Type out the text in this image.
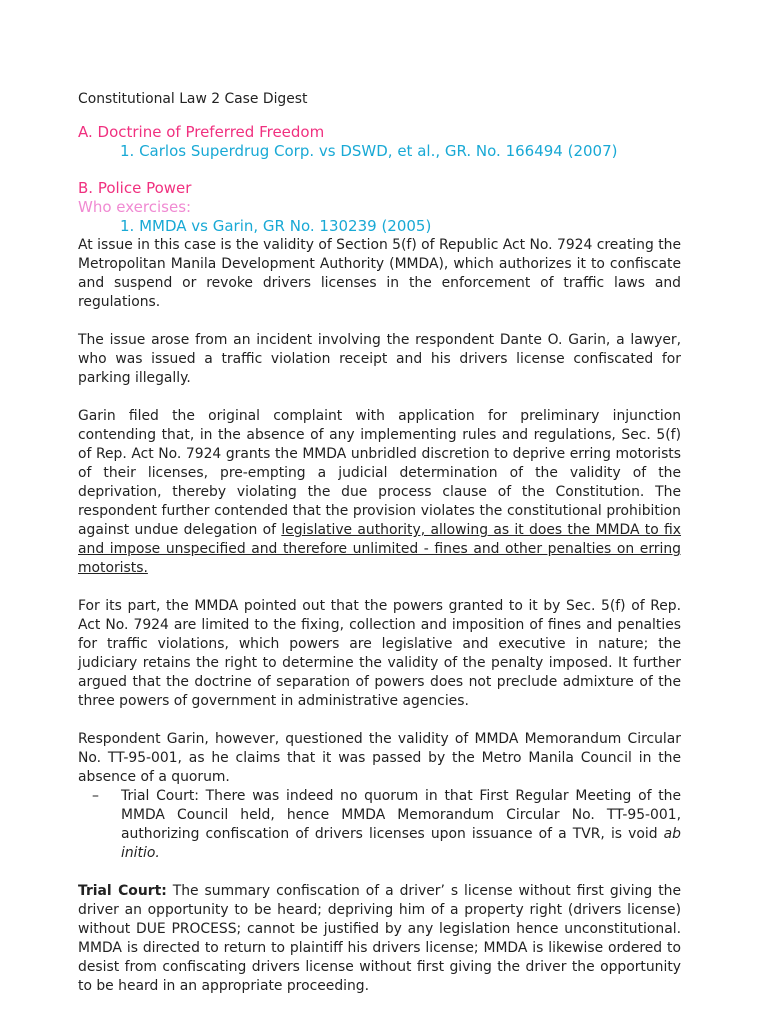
Constitutional Law 2 Case Digest
A. Doctrine of Preferred Freedom
1. Carlos Superdrug Corp. vs DSWD, et al., GR. No. 166494 (2007)
B. Police Power
Who exercises:
1. MMDA vs Garin, GR No. 130239 (2005)

At issue in this case is the validity of Section 5(f) of Republic Act No. 7924 creating the Metropolitan Manila Development Authority (MMDA), which authorizes it to confiscate and suspend or revoke drivers licenses in the enforcement of traffic laws and regulations.

The issue arose from an incident involving the respondent Dante O. Garin, a lawyer, who was issued a traffic violation receipt and his drivers license confiscated for parking illegally.

Garin filed the original complaint with application for preliminary injunction contending that, in the absence of any implementing rules and regulations, Sec. 5(f) of Rep. Act No. 7924 grants the MMDA unbridled discretion to deprive erring motorists of their licenses, pre-empting a judicial determination of the validity of the deprivation, thereby violating the due process clause of the Constitution. The respondent further contended that the provision violates the constitutional prohibition against undue delegation of legislative authority, allowing as it does the MMDA to fix and impose unspecified and therefore unlimited - fines and other penalties on erring motorists.

For its part, the MMDA pointed out that the powers granted to it by Sec. 5(f) of Rep. Act No. 7924 are limited to the fixing, collection and imposition of fines and penalties for traffic violations, which powers are legislative and executive in nature; the judiciary retains the right to determine the validity of the penalty imposed. It further argued that the doctrine of separation of powers does not preclude admixture of the three powers of government in administrative agencies.

Respondent Garin, however, questioned the validity of MMDA Memorandum Circular No. TT-95-001, as he claims that it was passed by the Metro Manila Council in the absence of a quorum.

–	Trial Court: There was indeed no quorum in that First Regular Meeting of the MMDA Council held, hence MMDA Memorandum Circular No. TT-95-001, authorizing confiscation of drivers licenses upon issuance of a TVR, is void ab initio.

Trial Court: The summary confiscation of a driver’ s license without first giving the driver an opportunity to be heard; depriving him of a property right (drivers license) without DUE PROCESS; cannot be justified by any legislation hence unconstitutional. MMDA is directed to return to plaintiff his drivers license; MMDA is likewise ordered to desist from confiscating drivers license without first giving the driver the opportunity to be heard in an appropriate proceeding.
